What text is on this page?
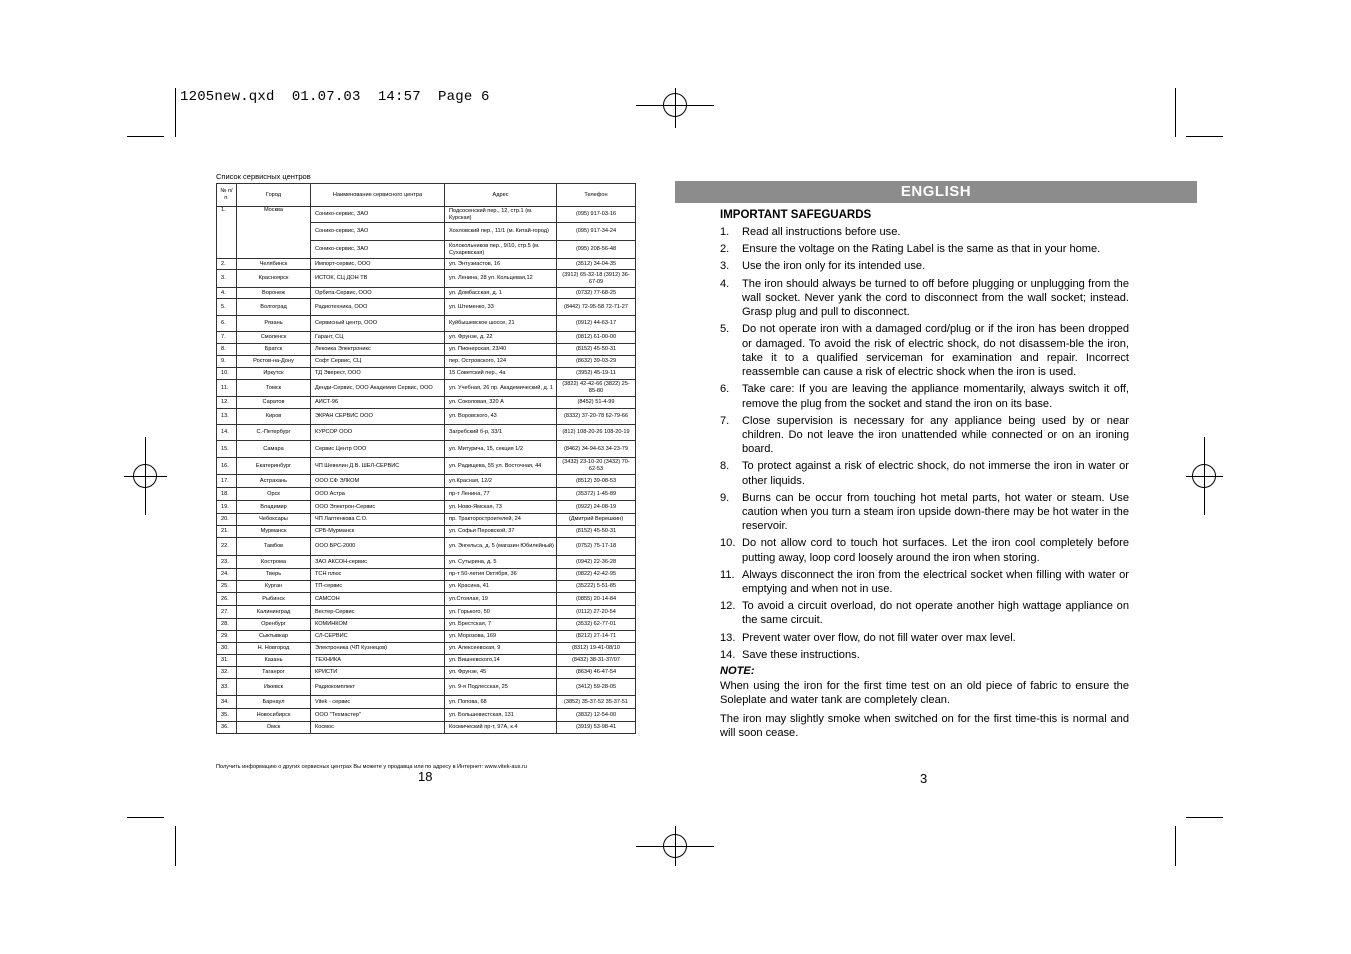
1205new.qxd  01.07.03  14:57  Page 6
Список сервисных центров
№ п/п.	Город	Наименование сервисного центра	Адрес	Телефон
1.	Москва	Сонико-сервис, ЗАО	Подсосенский пер., 12, стр.1 (м. Курская)	(095) 917-03-16
		Сонико-сервис, ЗАО	Хохловский пер., 11/1 (м. Китай-город)	(095) 917-34-24
		Сонико-сервис, ЗАО	Колокольников пер., 9/10, стр.5 (м. Сухаревская)	(095) 208-56-48
2.	Челябинск	Импорт-сервис, ООО	ул. Энтузиастов, 16	(3512) 34-04-35
3.	Красноярск	ИСТОК, СЦ ДОН ТВ	ул. Ленина, 28 ул. Кольцевая,12	(3912) 65-32-18 (3912) 36-67-09
4.	Воронеж	Орбита-Сервис, ООО	ул. Домбасская, д. 1	(0732) 77-68-25
5.	Волгоград	Радиотехника, ООО	ул. Штеменко, 33	(8442) 72-95-58 72-71-27
6.	Рязань	Сервисный центр, ООО	Куйбышевское шоссе, 21	(0912) 44-63-17
7.	Смоленск	Гарант, СЦ	ул. Фрунзе, д. 22	(0812) 61-00-00
8.	Братск	Лекоика Электроникс	ул. Пионерская, 23/40	(8152) 45-50-31
9.	Ростов-на-Дону	Софт Сервис, СЦ	пер. Островского, 124	(8632) 39-03-29
10.	Иркутск	ТД Эверест, ООО	15 Советский пер., 4а	(3952) 45-19-11
11.	Томск	Денди-Сервис, ООО Академия Сервис, ООО	ул. Учебная, 26 пр. Академический, д. 1	(3822) 42-42-66 (3822) 25-85-80
12.	Саратов	АИСТ-96	ул. Соколовая, 320 А	(8452) 51-4-99
13.	Киров	ЭКРАН СЕРВИС ООО	ул. Воровского, 43	(8332) 37-20-78 62-79-66
14.	С.-Петербург	КУРСОР ООО	Загребский б-р, 33/1	(812) 108-20-26 108-20-19
15.	Самара	Сервис Центр ООО	ул. Митурича, 15, секция 1/2	(8462) 34-94-63 34-23-79
16.	Екатеринбург	ЧП Шевелин Д.В. ШЕЛ-СЕРВИС	ул. Радищева, 55 ул. Восточная, 44	(3432) 23-10-20 (3432) 70-62-53
17.	Астрахань	ООО СФ ЭЛКОМ	ул.Красная, 12/2	(8512) 39-08-53
18.	Орск	ООО Астра	пр-т Ленина, 77	(35372) 1-45-89
19.	Владимир	ООО Электрон-Сервис	ул. Ново-Ямская, 73	(0922) 24-08-19
20.	Чебоксары	ЧП Лаптенкова С.О.	пр. Тракторостроителей, 24	(Дмитрий Верешкин)
21.	Мурманск	СРБ-Мурманск	ул. Софьи Перовской, 37	(8152) 45-50-31
22.	Тамбов	ООО БРС-2000	ул. Энгельса, д. 5 (магазин Юбилейный)	(0752) 75-17-18
23.	Кострома	ЗАО АКСОН-сервис	ул. Сутырина, д. 5	(0942) 22-36-28
24.	Тверь	ТСН плюс	пр-т 50-летия Октября, 36	(0822) 42-42-95
25.	Курган	ТП-сервис	ул. Красина, 41	(35222) 5-51-85
26.	Рыбинск	САМСОН	ул.Стоялая, 19	(0855) 20-14-84
27.	Калининград	Вестер-Сервис	ул. Горького, 50	(0112) 27-20-54
28.	Оренбург	КОМИНКОМ	ул. Брестская, 7	(3532) 62-77-01
29.	Сыктывкар	СЛ-СЕРВИС	ул. Морозова, 169	(8212) 27-14-71
30.	Н. Новгород	Электроника (ЧП Кузнецов)	ул. Алексеевская, 9	(8312) 19-41-08/10
31.	Казань	ТЕХНИКА	ул. Вишневского,14	(8432) 38-31-37/07
32.	Таганрог	КРИСТИ	ул. Фрунзе, 45	(8634) 46-47-54
33.	Ижевск	Радиокомплект	ул. 9-я Подлесская, 25	(3412) 59-28-05
34.	Барнаул	Vitek - сервис	ул. Попова, 68	(3852) 35-37-52 35-37-51
35.	Новосибирск	ООО "Техмастер"	ул. Большевистская, 131	(3832) 12-54-00
36.	Омск	Космос	Космический пр-т, 97А, к.4	(3919) 53-98-41
Получить информацию о других сервисных центрах Вы можете у продавца или по адресу в Интернет: www.vitek-aus.ru
18
ENGLISH
IMPORTANT SAFEGUARDS
1.	Read all instructions before use.
2.	Ensure the voltage on the Rating Label is the same as that in your home.
3.	Use the iron only for its intended use.
4.	The iron should always be turned to off before plugging or unplugging from the wall socket. Never yank the cord to disconnect from the wall socket; instead. Grasp plug and pull to disconnect.
5.	Do not operate iron with a damaged cord/plug or if the iron has been dropped or damaged. To avoid the risk of electric shock, do not disassem-ble the iron, take it to a qualified serviceman for examination and repair. Incorrect reassemble can cause a risk of electric shock when the iron is used.
6.	Take care: If you are leaving the appliance momentarily, always switch it off, remove the plug from the socket and stand the iron on its base.
7.	Close supervision is necessary for any appliance being used by or near children. Do not leave the iron unattended while connected or on an ironing board.
8.	To protect against a risk of electric shock, do not immerse the iron in water or other liquids.
9.	Burns can be occur from touching hot metal parts, hot water or steam. Use caution when you turn a steam iron upside down-there may be hot water in the reservoir.
10. Do not allow cord to touch hot surfaces. Let the iron cool completely before putting away, loop cord loosely around the iron when storing.
11. Always disconnect the iron from the electrical socket when filling with water or emptying and when not in use.
12. To avoid a circuit overload, do not operate another high wattage appliance on the same circuit.
13. Prevent water over flow, do not fill water over max level.
14. Save these instructions.
NOTE:

When using the iron for the first time test on an old piece of fabric to ensure the Soleplate and water tank are completely clean.

The iron may slightly smoke when switched on for the first time-this is normal and will soon cease.

3
